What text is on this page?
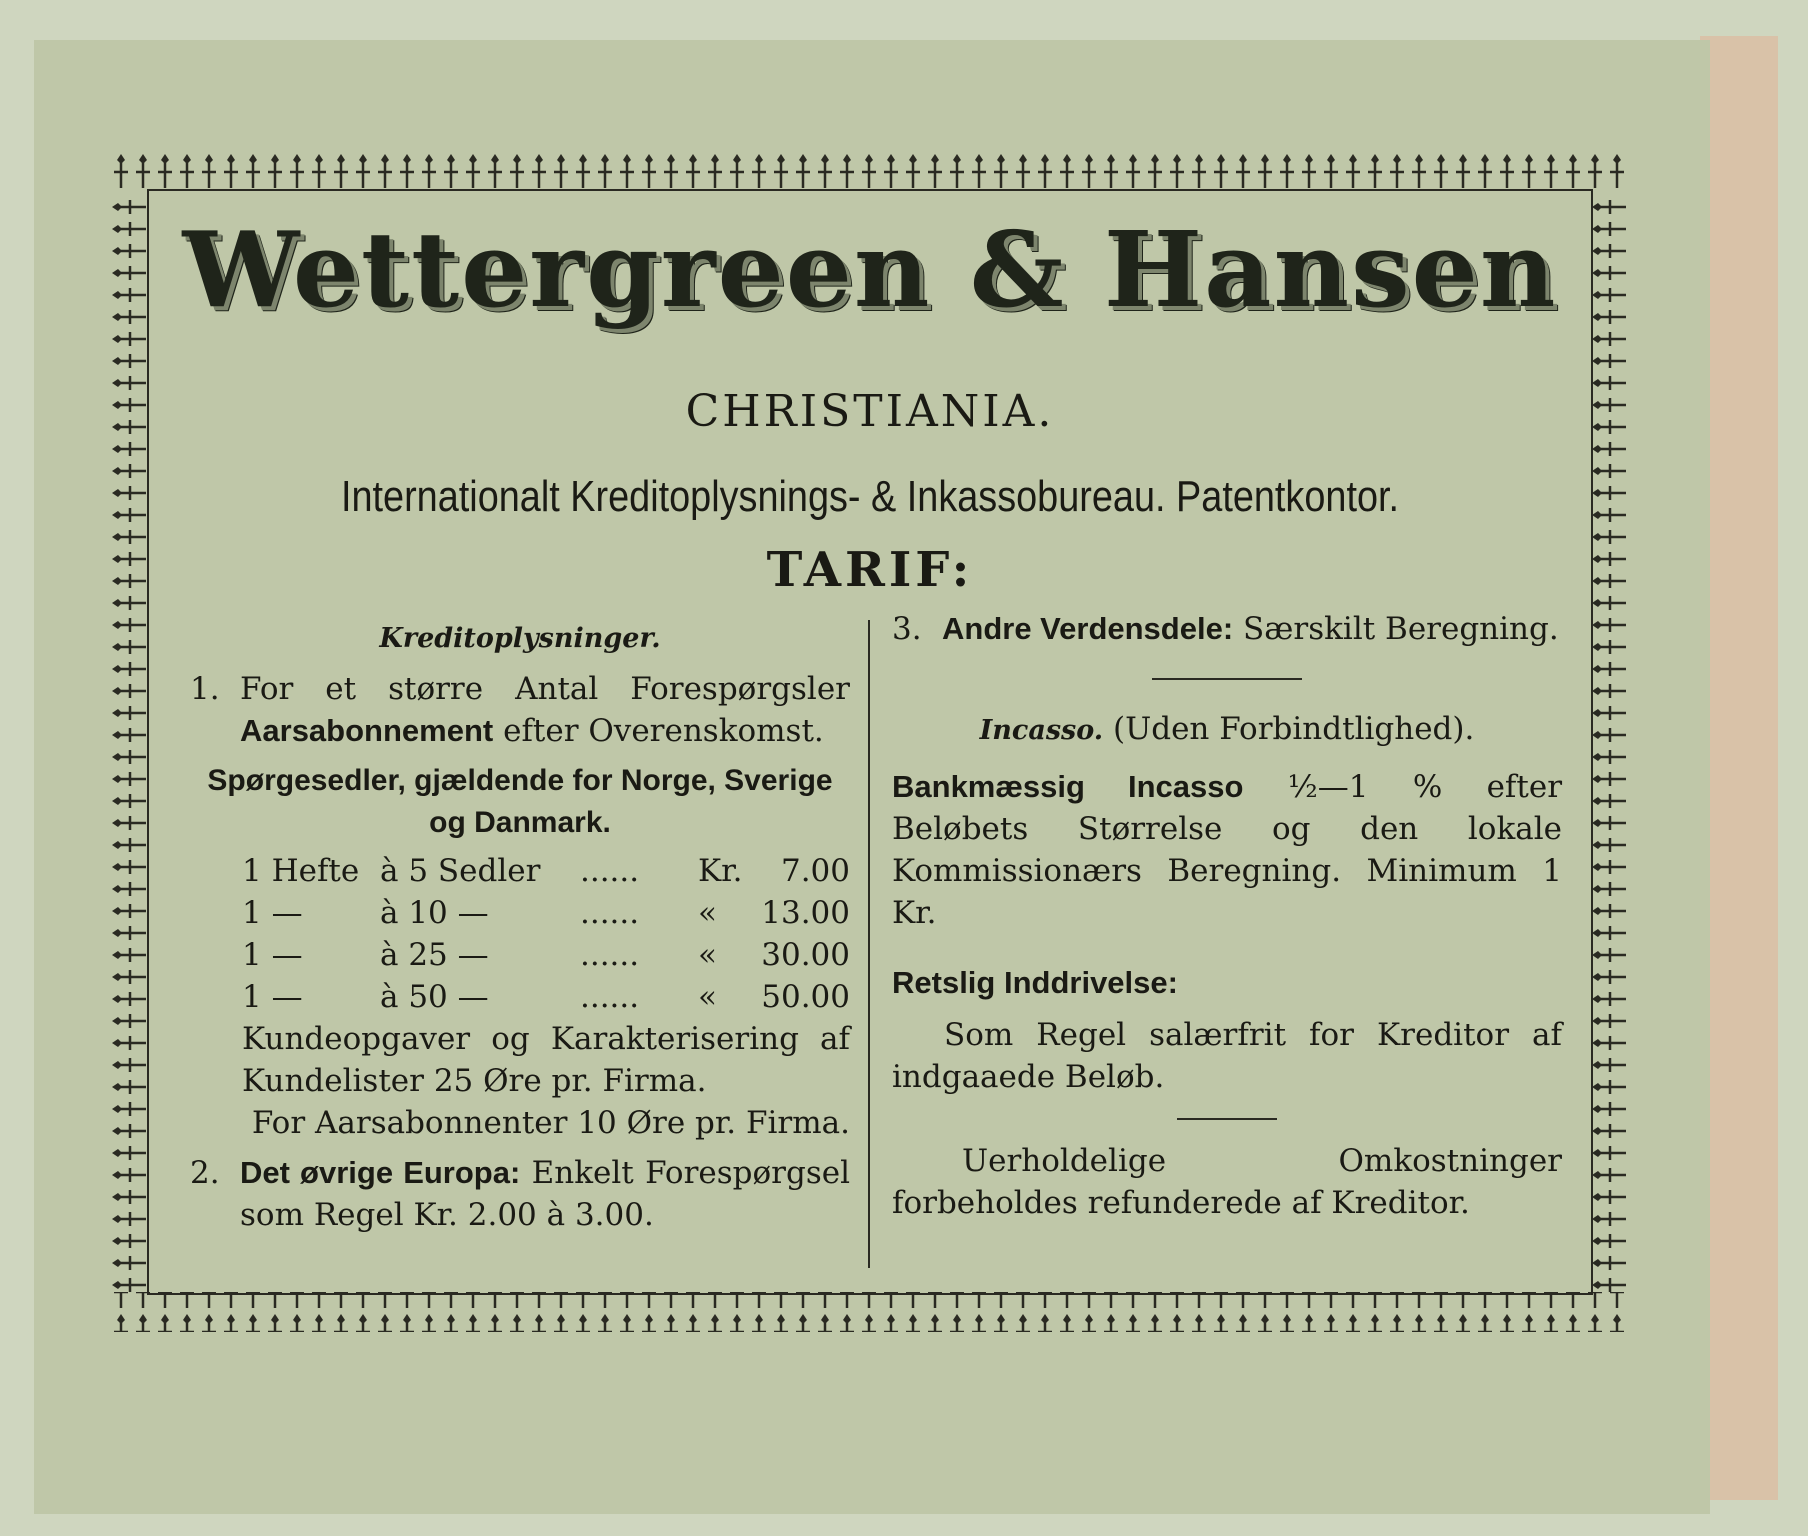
Wettergreen & Hansen
CHRISTIANIA.
Internationalt Kreditoplysnings- & Inkassobureau. Patentkontor.
TARIF:
Kreditoplysninger.
1. For et større Antal Forespørgsler Aarsabonnement efter Overenskomst.
Spørgesedler, gjældende for Norge, Sverige og Danmark.
1 Hefte à 5 Sedler	......	Kr.	7.00
1 —	à 10 —	......	«	13.00
1 —	à 25 —	......	«	30.00
1 —	à 50 —	......	«	50.00
Kundeopgaver og Karakterisering af Kundelister 25 Øre pr. Firma.
For Aarsabonnenter 10 Øre pr. Firma.
2. Det øvrige Europa: Enkelt Forespørgsel som Regel Kr. 2.00 à 3.00.
3. Andre Verdensdele: Særskilt Beregning.
Incasso. (Uden Forbindtlighed).
Bankmæssig Incasso ½—1 % efter Beløbets Størrelse og den lokale Kommissionærs Beregning. Minimum 1 Kr.
Retslig Inddrivelse:
Som Regel salærfrit for Kreditor af indgaaede Beløb.
Uerholdelige Omkostninger forbeholdes refunderede af Kreditor.
